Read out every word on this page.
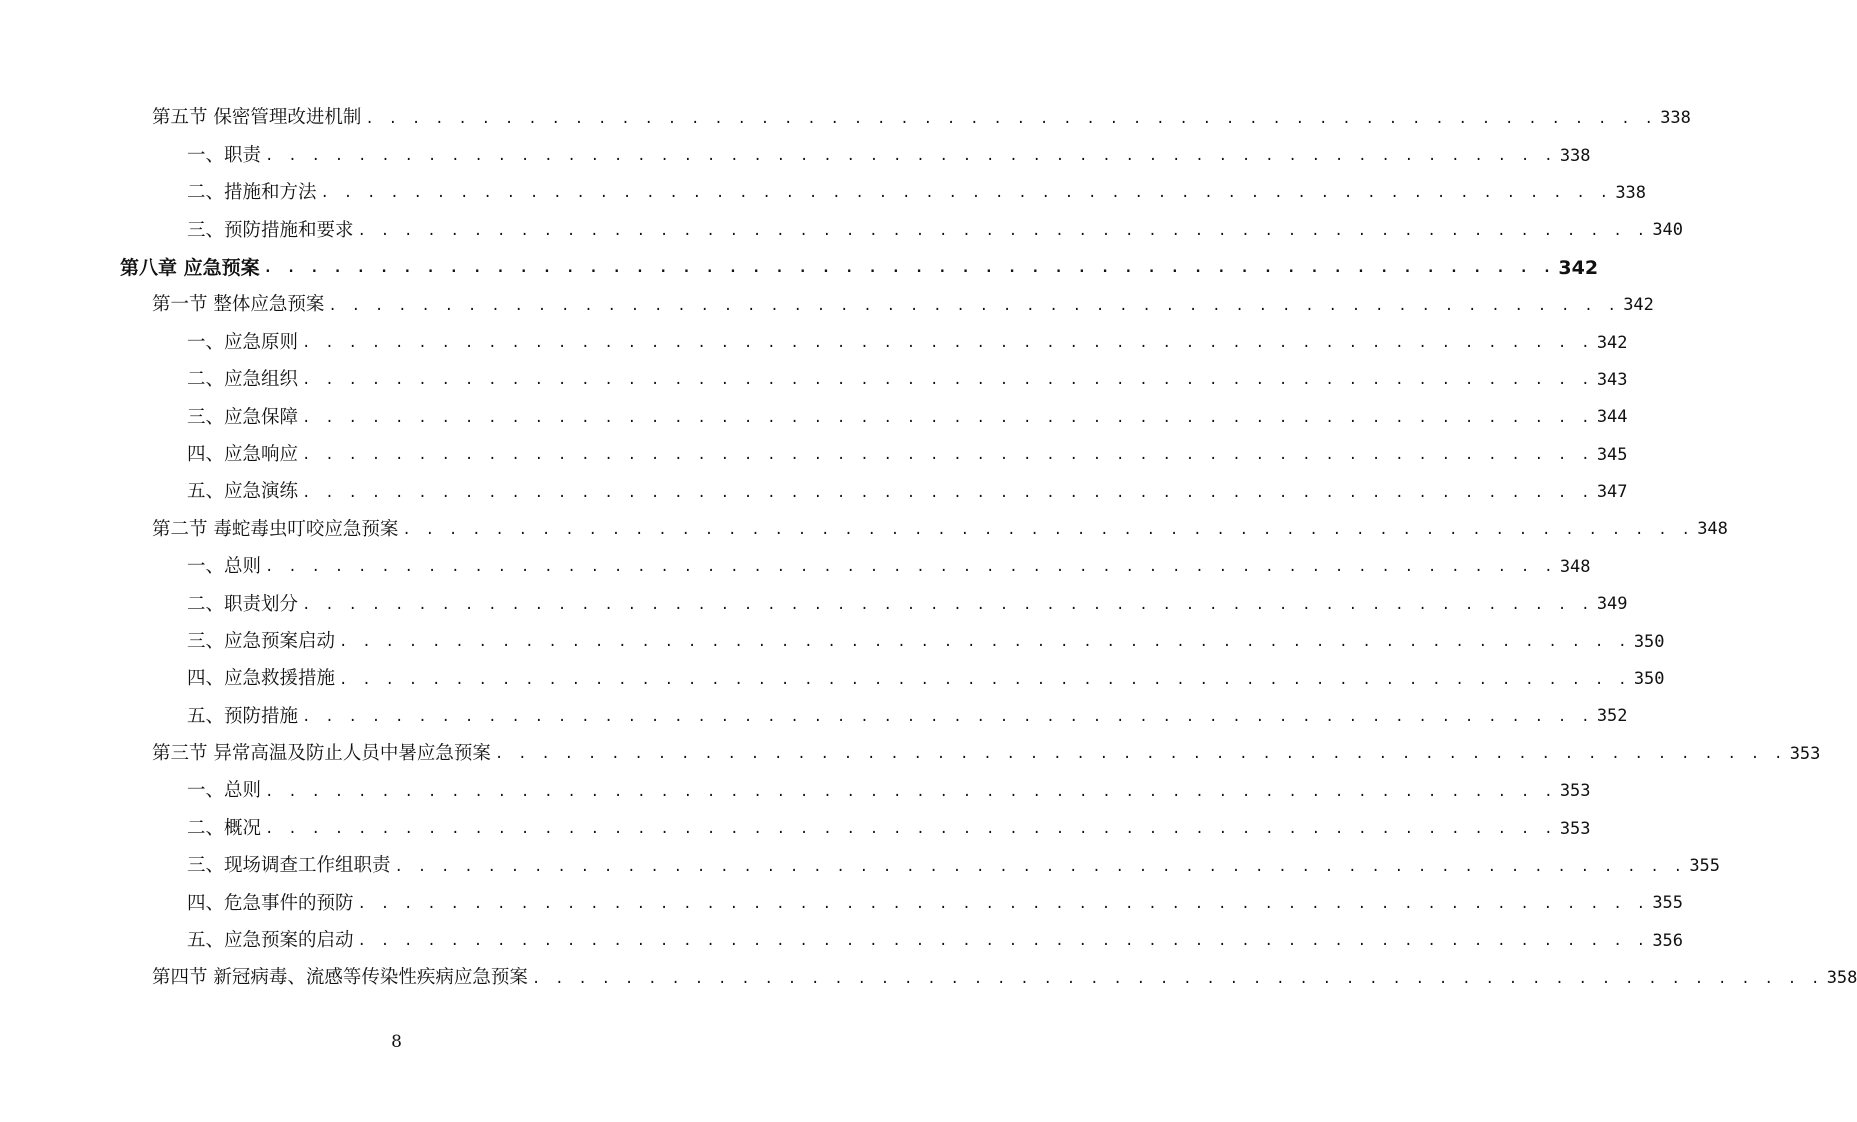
第五节 保密管理改进机制 . . . . . . . . . . . . . . . . . . . . . . . . . . . . . . . . . . . . . . . . . . . . . . . . . . . . . . . . 338
一、职责 . . . . . . . . . . . . . . . . . . . . . . . . . . . . . . . . . . . . . . . . . . . . . . . . . . . . . . . . 338
二、措施和方法 . . . . . . . . . . . . . . . . . . . . . . . . . . . . . . . . . . . . . . . . . . . . . . . . . . . . . . . . 338
三、预防措施和要求 . . . . . . . . . . . . . . . . . . . . . . . . . . . . . . . . . . . . . . . . . . . . . . . . . . . . . . . . 340
第八章 应急预案 . . . . . . . . . . . . . . . . . . . . . . . . . . . . . . . . . . . . . . . . . . . . . . . . . . . . . . . . 342
第一节 整体应急预案 . . . . . . . . . . . . . . . . . . . . . . . . . . . . . . . . . . . . . . . . . . . . . . . . . . . . . . . . 342
一、应急原则 . . . . . . . . . . . . . . . . . . . . . . . . . . . . . . . . . . . . . . . . . . . . . . . . . . . . . . . . 342
二、应急组织 . . . . . . . . . . . . . . . . . . . . . . . . . . . . . . . . . . . . . . . . . . . . . . . . . . . . . . . . 343
三、应急保障 . . . . . . . . . . . . . . . . . . . . . . . . . . . . . . . . . . . . . . . . . . . . . . . . . . . . . . . . 344
四、应急响应 . . . . . . . . . . . . . . . . . . . . . . . . . . . . . . . . . . . . . . . . . . . . . . . . . . . . . . . . 345
五、应急演练 . . . . . . . . . . . . . . . . . . . . . . . . . . . . . . . . . . . . . . . . . . . . . . . . . . . . . . . . 347
第二节 毒蛇毒虫叮咬应急预案 . . . . . . . . . . . . . . . . . . . . . . . . . . . . . . . . . . . . . . . . . . . . . . . . . . . . . . . . 348
一、总则 . . . . . . . . . . . . . . . . . . . . . . . . . . . . . . . . . . . . . . . . . . . . . . . . . . . . . . . . 348
二、职责划分 . . . . . . . . . . . . . . . . . . . . . . . . . . . . . . . . . . . . . . . . . . . . . . . . . . . . . . . . 349
三、应急预案启动 . . . . . . . . . . . . . . . . . . . . . . . . . . . . . . . . . . . . . . . . . . . . . . . . . . . . . . . . 350
四、应急救援措施 . . . . . . . . . . . . . . . . . . . . . . . . . . . . . . . . . . . . . . . . . . . . . . . . . . . . . . . . 350
五、预防措施 . . . . . . . . . . . . . . . . . . . . . . . . . . . . . . . . . . . . . . . . . . . . . . . . . . . . . . . . 352
第三节 异常高温及防止人员中暑应急预案 . . . . . . . . . . . . . . . . . . . . . . . . . . . . . . . . . . . . . . . . . . . . . . . . . . . . . . . . 353
一、总则 . . . . . . . . . . . . . . . . . . . . . . . . . . . . . . . . . . . . . . . . . . . . . . . . . . . . . . . . 353
二、概况 . . . . . . . . . . . . . . . . . . . . . . . . . . . . . . . . . . . . . . . . . . . . . . . . . . . . . . . . 353
三、现场调查工作组职责 . . . . . . . . . . . . . . . . . . . . . . . . . . . . . . . . . . . . . . . . . . . . . . . . . . . . . . . . 355
四、危急事件的预防 . . . . . . . . . . . . . . . . . . . . . . . . . . . . . . . . . . . . . . . . . . . . . . . . . . . . . . . . 355
五、应急预案的启动 . . . . . . . . . . . . . . . . . . . . . . . . . . . . . . . . . . . . . . . . . . . . . . . . . . . . . . . . 356
第四节 新冠病毒、流感等传染性疾病应急预案 . . . . . . . . . . . . . . . . . . . . . . . . . . . . . . . . . . . . . . . . . . . . . . . . . . . . . . . . 358
8
